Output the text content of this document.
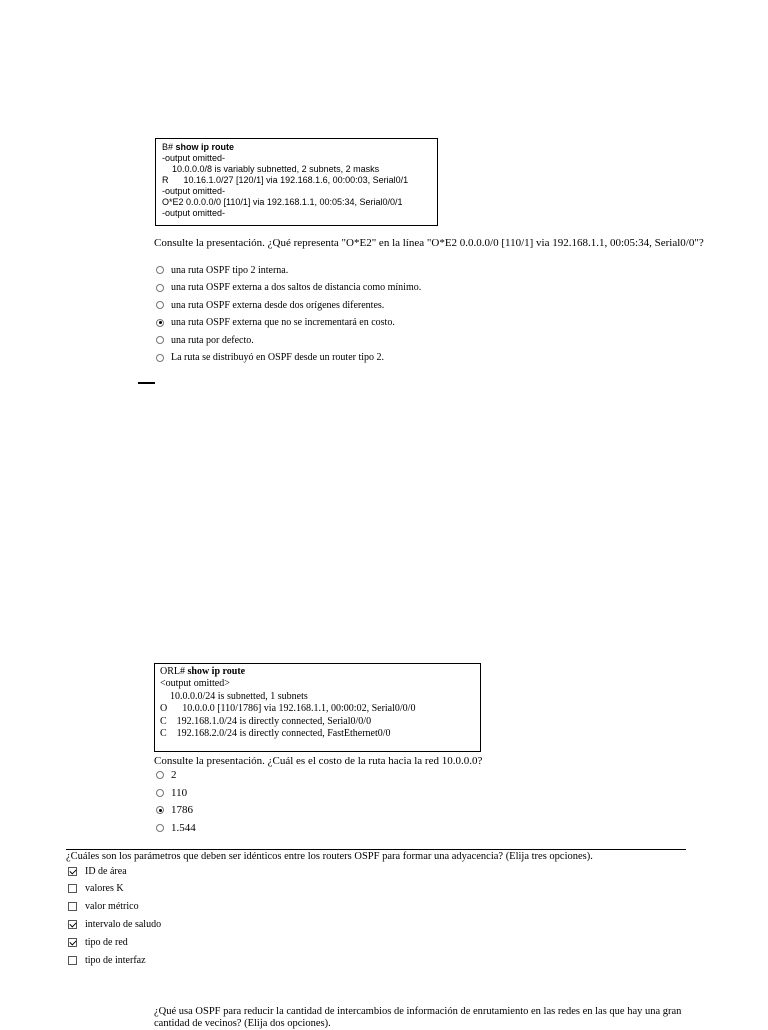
B# show ip route
-output omitted-
10.0.0.0/8 is variably subnetted, 2 subnets, 2 masks
R      10.16.1.0/27 [120/1] via 192.168.1.6, 00:00:03, Serial0/1
-output omitted-
O*E2 0.0.0.0/0 [110/1] via 192.168.1.1, 00:05:34, Serial0/0/1
-output omitted-
Consulte la presentación. ¿Qué representa "O*E2" en la línea "O*E2 0.0.0.0/0 [110/1] via 192.168.1.1, 00:05:34, Serial0/0"?
una ruta OSPF tipo 2 interna.
una ruta OSPF externa a dos saltos de distancia como mínimo.
una ruta OSPF externa desde dos orígenes diferentes.
una ruta OSPF externa que no se incrementará en costo.
una ruta por defecto.
La ruta se distribuyó en OSPF desde un router tipo 2.
ORL# show ip route
<output omitted>
10.0.0.0/24 is subnetted, 1 subnets
O      10.0.0.0 [110/1786] via 192.168.1.1, 00:00:02, Serial0/0/0
C    192.168.1.0/24 is directly connected, Serial0/0/0
C    192.168.2.0/24 is directly connected, FastEthernet0/0
Consulte la presentación. ¿Cuál es el costo de la ruta hacia la red 10.0.0.0?
2
110
1786
1.544
¿Cuáles son los parámetros que deben ser idénticos entre los routers OSPF para formar una adyacencia? (Elija tres opciones).
ID de área
valores K
valor métrico
intervalo de saludo
tipo de red
tipo de interfaz
¿Qué usa OSPF para reducir la cantidad de intercambios de información de enrutamiento en las redes en las que hay una gran cantidad de vecinos? (Elija dos opciones).
